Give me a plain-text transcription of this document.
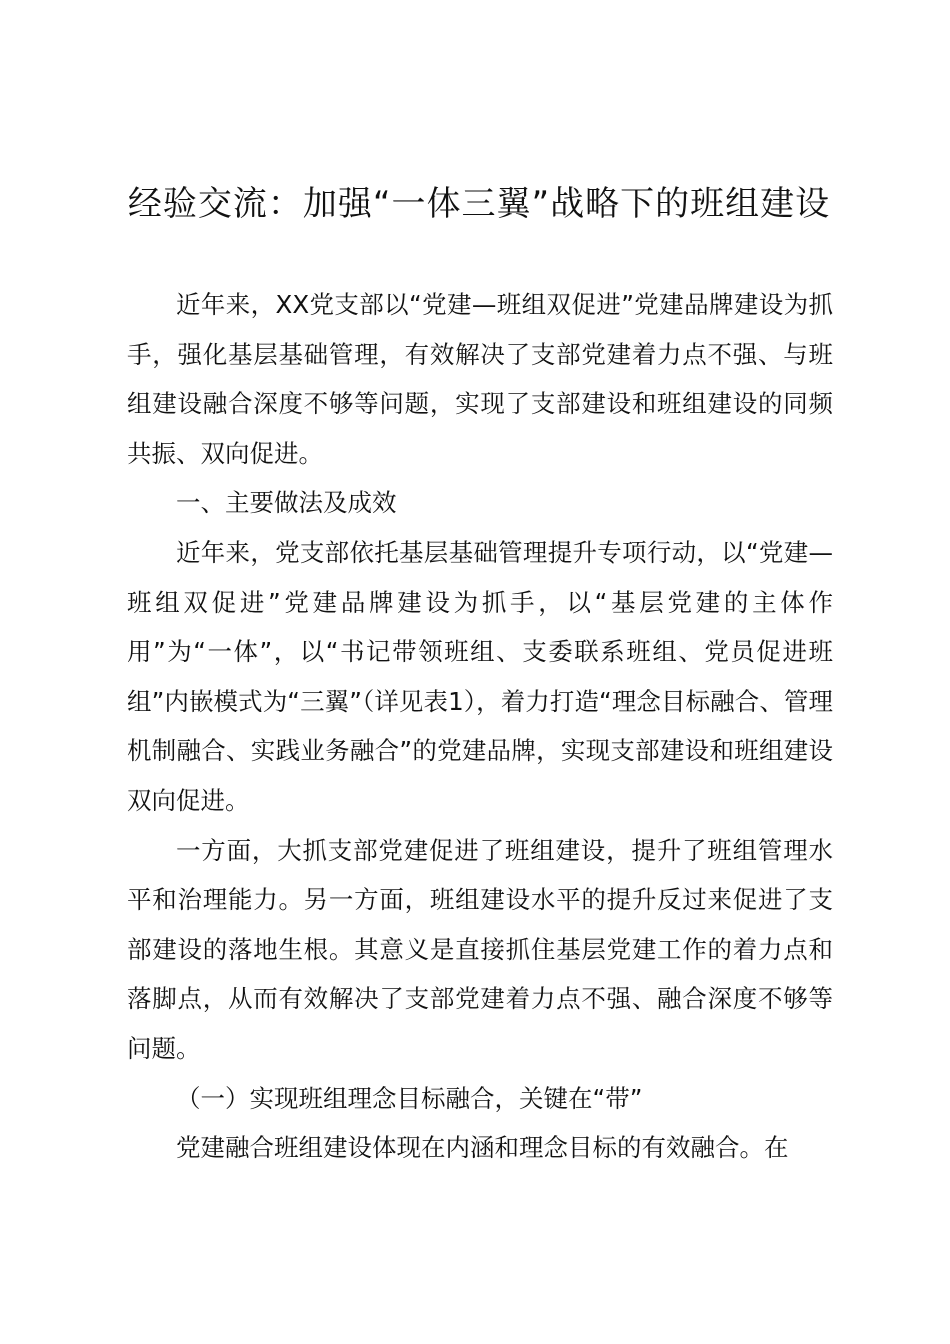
经验交流：加强“一体三翼”战略下的班组建设

近年来，XX党支部以“党建—班组双促进”党建品牌建设为抓手，强化基层基础管理，有效解决了支部党建着力点不强、与班组建设融合深度不够等问题，实现了支部建设和班组建设的同频共振、双向促进。

一、主要做法及成效

近年来，党支部依托基层基础管理提升专项行动，以“党建—班组双促进”党建品牌建设为抓手，以“基层党建的主体作用”为“一体”，以“书记带领班组、支委联系班组、党员促进班组”内嵌模式为“三翼”（详见表1），着力打造“理念目标融合、管理机制融合、实践业务融合”的党建品牌，实现支部建设和班组建设双向促进。

一方面，大抓支部党建促进了班组建设，提升了班组管理水平和治理能力。另一方面，班组建设水平的提升反过来促进了支部建设的落地生根。其意义是直接抓住基层党建工作的着力点和落脚点，从而有效解决了支部党建着力点不强、融合深度不够等问题。

（一）实现班组理念目标融合，关键在“带”

党建融合班组建设体现在内涵和理念目标的有效融合。在
